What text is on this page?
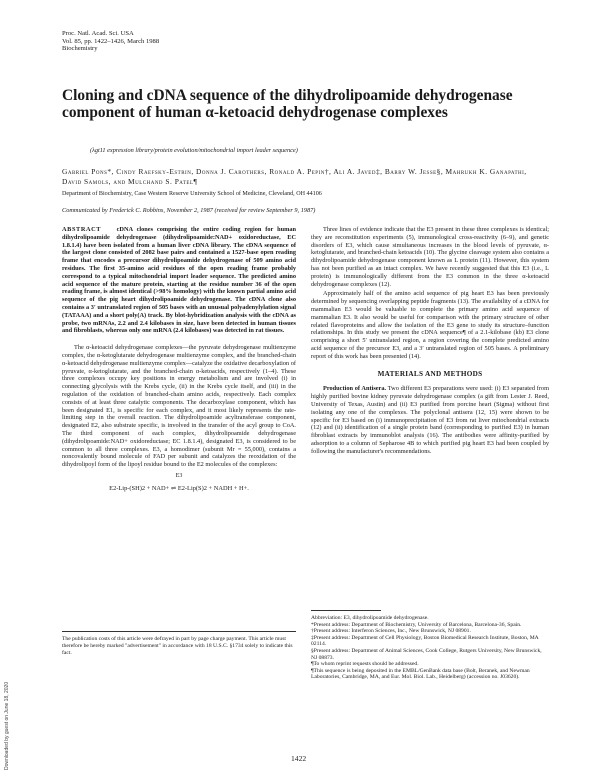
Downloaded by guest on June 18, 2020
Proc. Natl. Acad. Sci. USA
Vol. 85, pp. 1422–1426, March 1988
Biochemistry
Cloning and cDNA sequence of the dihydrolipoamide dehydrogenase component of human α-ketoacid dehydrogenase complexes
(λgt11 expression library/protein evolution/mitochondrial import leader sequence)
Gabriel Pons*, Cindy Raefsky-Estrin, Donna J. Carothers, Ronald A. Pepin†, Ali A. Javed‡, Barry W. Jesse§, Mahrukh K. Ganapathi, David Samols, and Mulchand S. Patel¶
Department of Biochemistry, Case Western Reserve University School of Medicine, Cleveland, OH 44106
Communicated by Frederick C. Robbins, November 2, 1987 (received for review September 9, 1987)

ABSTRACT cDNA clones comprising the entire coding region for human dihydrolipoamide dehydrogenase (dihydrolipoamide:NAD+ oxidoreductase, EC 1.8.1.4) have been isolated from a human liver cDNA library. The cDNA sequence of the largest clone consisted of 2082 base pairs and contained a 1527-base open reading frame that encodes a precursor dihydrolipoamide dehydrogenase of 509 amino acid residues. The first 35-amino acid residues of the open reading frame probably correspond to a typical mitochondrial import leader sequence. The predicted amino acid sequence of the mature protein, starting at the residue number 36 of the open reading frame, is almost identical (>98% homology) with the known partial amino acid sequence of the pig heart dihydrolipoamide dehydrogenase. The cDNA clone also contains a 3′ untranslated region of 505 bases with an unusual polyadenylylation signal (TATAAA) and a short poly(A) track. By blot-hybridization analysis with the cDNA as probe, two mRNAs, 2.2 and 2.4 kilobases in size, have been detected in human tissues and fibroblasts, whereas only one mRNA (2.4 kilobases) was detected in rat tissues.

The α-ketoacid dehydrogenase complexes—the pyruvate dehydrogenase multienzyme complex, the α-ketoglutarate dehydrogenase multienzyme complex, and the branched-chain α-ketoacid dehydrogenase multienzyme complex—catalyze the oxidative decarboxylation of pyruvate, α-ketoglutarate, and the branched-chain α-ketoacids, respectively (1–4). These three complexes occupy key positions in energy metabolism and are involved (i) in connecting glycolysis with the Krebs cycle, (ii) in the Krebs cycle itself, and (iii) in the regulation of the oxidation of branched-chain amino acids, respectively. Each complex consists of at least three catalytic components. The decarboxylase component, which has been designated E1, is specific for each complex, and it most likely represents the rate-limiting step in the overall reaction. The dihydrolipoamide acyltransferase component, designated E2, also substrate specific, is involved in the transfer of the acyl group to CoA. The third component of each complex, dihydrolipoamide dehydrogenase (dihydrolipoamide:NAD+ oxidoreductase; EC 1.8.1.4), designated E3, is considered to be common to all three complexes. E3, a homodimer (subunit Mr = 55,000), contains a noncovalently bound molecule of FAD per subunit and catalyzes the reoxidation of the dihydrolipoyl form of the lipoyl residue bound to the E2 molecules of the complexes:

E3
E2-Lip-(SH)2 + NAD+ ⇌ E2-Lip(S)2 + NADH + H+.
The publication costs of this article were defrayed in part by page charge payment. This article must therefore be hereby marked "advertisement" in accordance with 18 U.S.C. §1734 solely to indicate this fact.

Three lines of evidence indicate that the E3 present in these three complexes is identical; they are reconstitution experiments (5), immunological cross-reactivity (6–9), and genetic disorders of E3, which cause simultaneous increases in the blood levels of pyruvate, α-ketoglutarate, and branched-chain ketoacids (10). The glycine cleavage system also contains a dihydrolipoamide dehydrogenase component known as L protein (11). However, this system has not been purified as an intact complex. We have recently suggested that this E3 (i.e., L protein) is immunologically different from the E3 common in the three α-ketoacid dehydrogenase complexes (12).

Approximately half of the amino acid sequence of pig heart E3 has been previously determined by sequencing overlapping peptide fragments (13). The availability of a cDNA for mammalian E3 would be valuable to complete the primary amino acid sequence of mammalian E3. It also would be useful for comparison with the primary structure of other related flavoproteins and allow the isolation of the E3 gene to study its structure–function relationships. In this study we present the cDNA sequence¶ of a 2.1-kilobase (kb) E3 clone comprising a short 5′ untranslated region, a region covering the complete predicted amino acid sequence of the precursor E3, and a 3′ untranslated region of 505 bases. A preliminary report of this work has been presented (14).

MATERIALS AND METHODS

Production of Antisera. Two different E3 preparations were used: (i) E3 separated from highly purified bovine kidney pyruvate dehydrogenase complex (a gift from Lester J. Reed, University of Texas, Austin) and (ii) E3 purified from porcine heart (Sigma) without first isolating any one of the complexes. The polyclonal antisera (12, 15) were shown to be specific for E3 based on (i) immunoprecipitation of E3 from rat liver mitochondrial extracts (12) and (ii) identification of a single protein band (corresponding to purified E3) in human fibroblast extracts by immunoblot analysis (16). The antibodies were affinity-purified by adsorption to a column of Sepharose 4B to which purified pig heart E3 had been coupled by following the manufacturer's recommendations.

Abbreviation: E3, dihydrolipoamide dehydrogenase.

*Present address: Department of Biochemistry, University of Barcelona, Barcelona-36, Spain.

†Present address: Interferon Sciences, Inc., New Brunswick, NJ 08901.

‡Present address: Department of Cell Physiology, Boston Biomedical Research Institute, Boston, MA 02114.

§Present address: Department of Animal Sciences, Cook College, Rutgers University, New Brunswick, NJ 08873.

¶To whom reprint requests should be addressed.

¶This sequence is being deposited in the EMBL/GenBank data base (Bolt, Beranek, and Newman Laboratories, Cambridge, MA, and Eur. Mol. Biol. Lab., Heidelberg) (accession no. J03620).

1422
